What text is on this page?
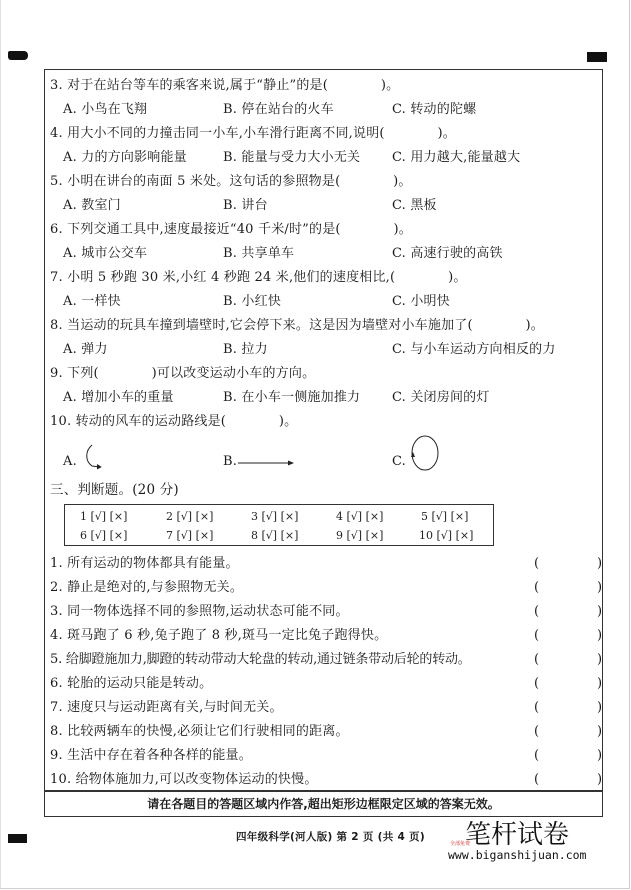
3. 对于在站台等车的乘客来说,属于“静止”的是(　　　　)。
A. 小鸟在飞翔	B. 停在站台的火车	C. 转动的陀螺
4. 用大小不同的力撞击同一小车,小车滑行距离不同,说明(　　　　)。
A. 力的方向影响能量	B. 能量与受力大小无关 C. 用力越大,能量越大
5. 小明在讲台的南面 5 米处。这句话的参照物是(　　　　)。
A. 教室门	B. 讲台	C. 黑板
6. 下列交通工具中,速度最接近“40 千米/时”的是(　　　　)。
A. 城市公交车	B. 共享单车	C. 高速行驶的高铁
7. 小明 5 秒跑 30 米,小红 4 秒跑 24 米,他们的速度相比,(　　　　)。
A. 一样快	B. 小红快	C. 小明快
8. 当运动的玩具车撞到墙壁时,它会停下来。这是因为墙壁对小车施加了(　　　　)。
A. 弹力	B. 拉力	C. 与小车运动方向相反的力
9. 下列(　　　　)可以改变运动小车的方向。
A. 增加小车的重量	B. 在小车一侧施加推力 C. 关闭房间的灯
10. 转动的风车的运动路线是(　　　　)。
A.	B.	C.
三、判断题。(20 分)
1 [√] [×]	2 [√] [×]	3 [√] [×]	4 [√] [×]	5 [√] [×]
6 [√] [×]	7 [√] [×]	8 [√] [×]	9 [√] [×]	10 [√] [×]
1. 所有运动的物体都具有能量。	(	)
2. 静止是绝对的,与参照物无关。	(	)
3. 同一物体选择不同的参照物,运动状态可能不同。	(	)
4. 斑马跑了 6 秒,兔子跑了 8 秒,斑马一定比兔子跑得快。	(	)
5. 给脚蹬施加力,脚蹬的转动带动大轮盘的转动,通过链条带动后轮的转动。	(	)
6. 轮胎的运动只能是转动。	(	)
7. 速度只与运动距离有关,与时间无关。	(	)
8. 比较两辆车的快慢,必须让它们行驶相同的距离。	(	)
9. 生活中存在着各种各样的能量。	(	)
10. 给物体施加力,可以改变物体运动的快慢。	(	)
请在各题目的答题区域内作答,超出矩形边框限定区域的答案无效。
四年级科学(河人版) 第 2 页 (共 4 页) 笔杆试卷
全部免费
www.biganshijuan.com
